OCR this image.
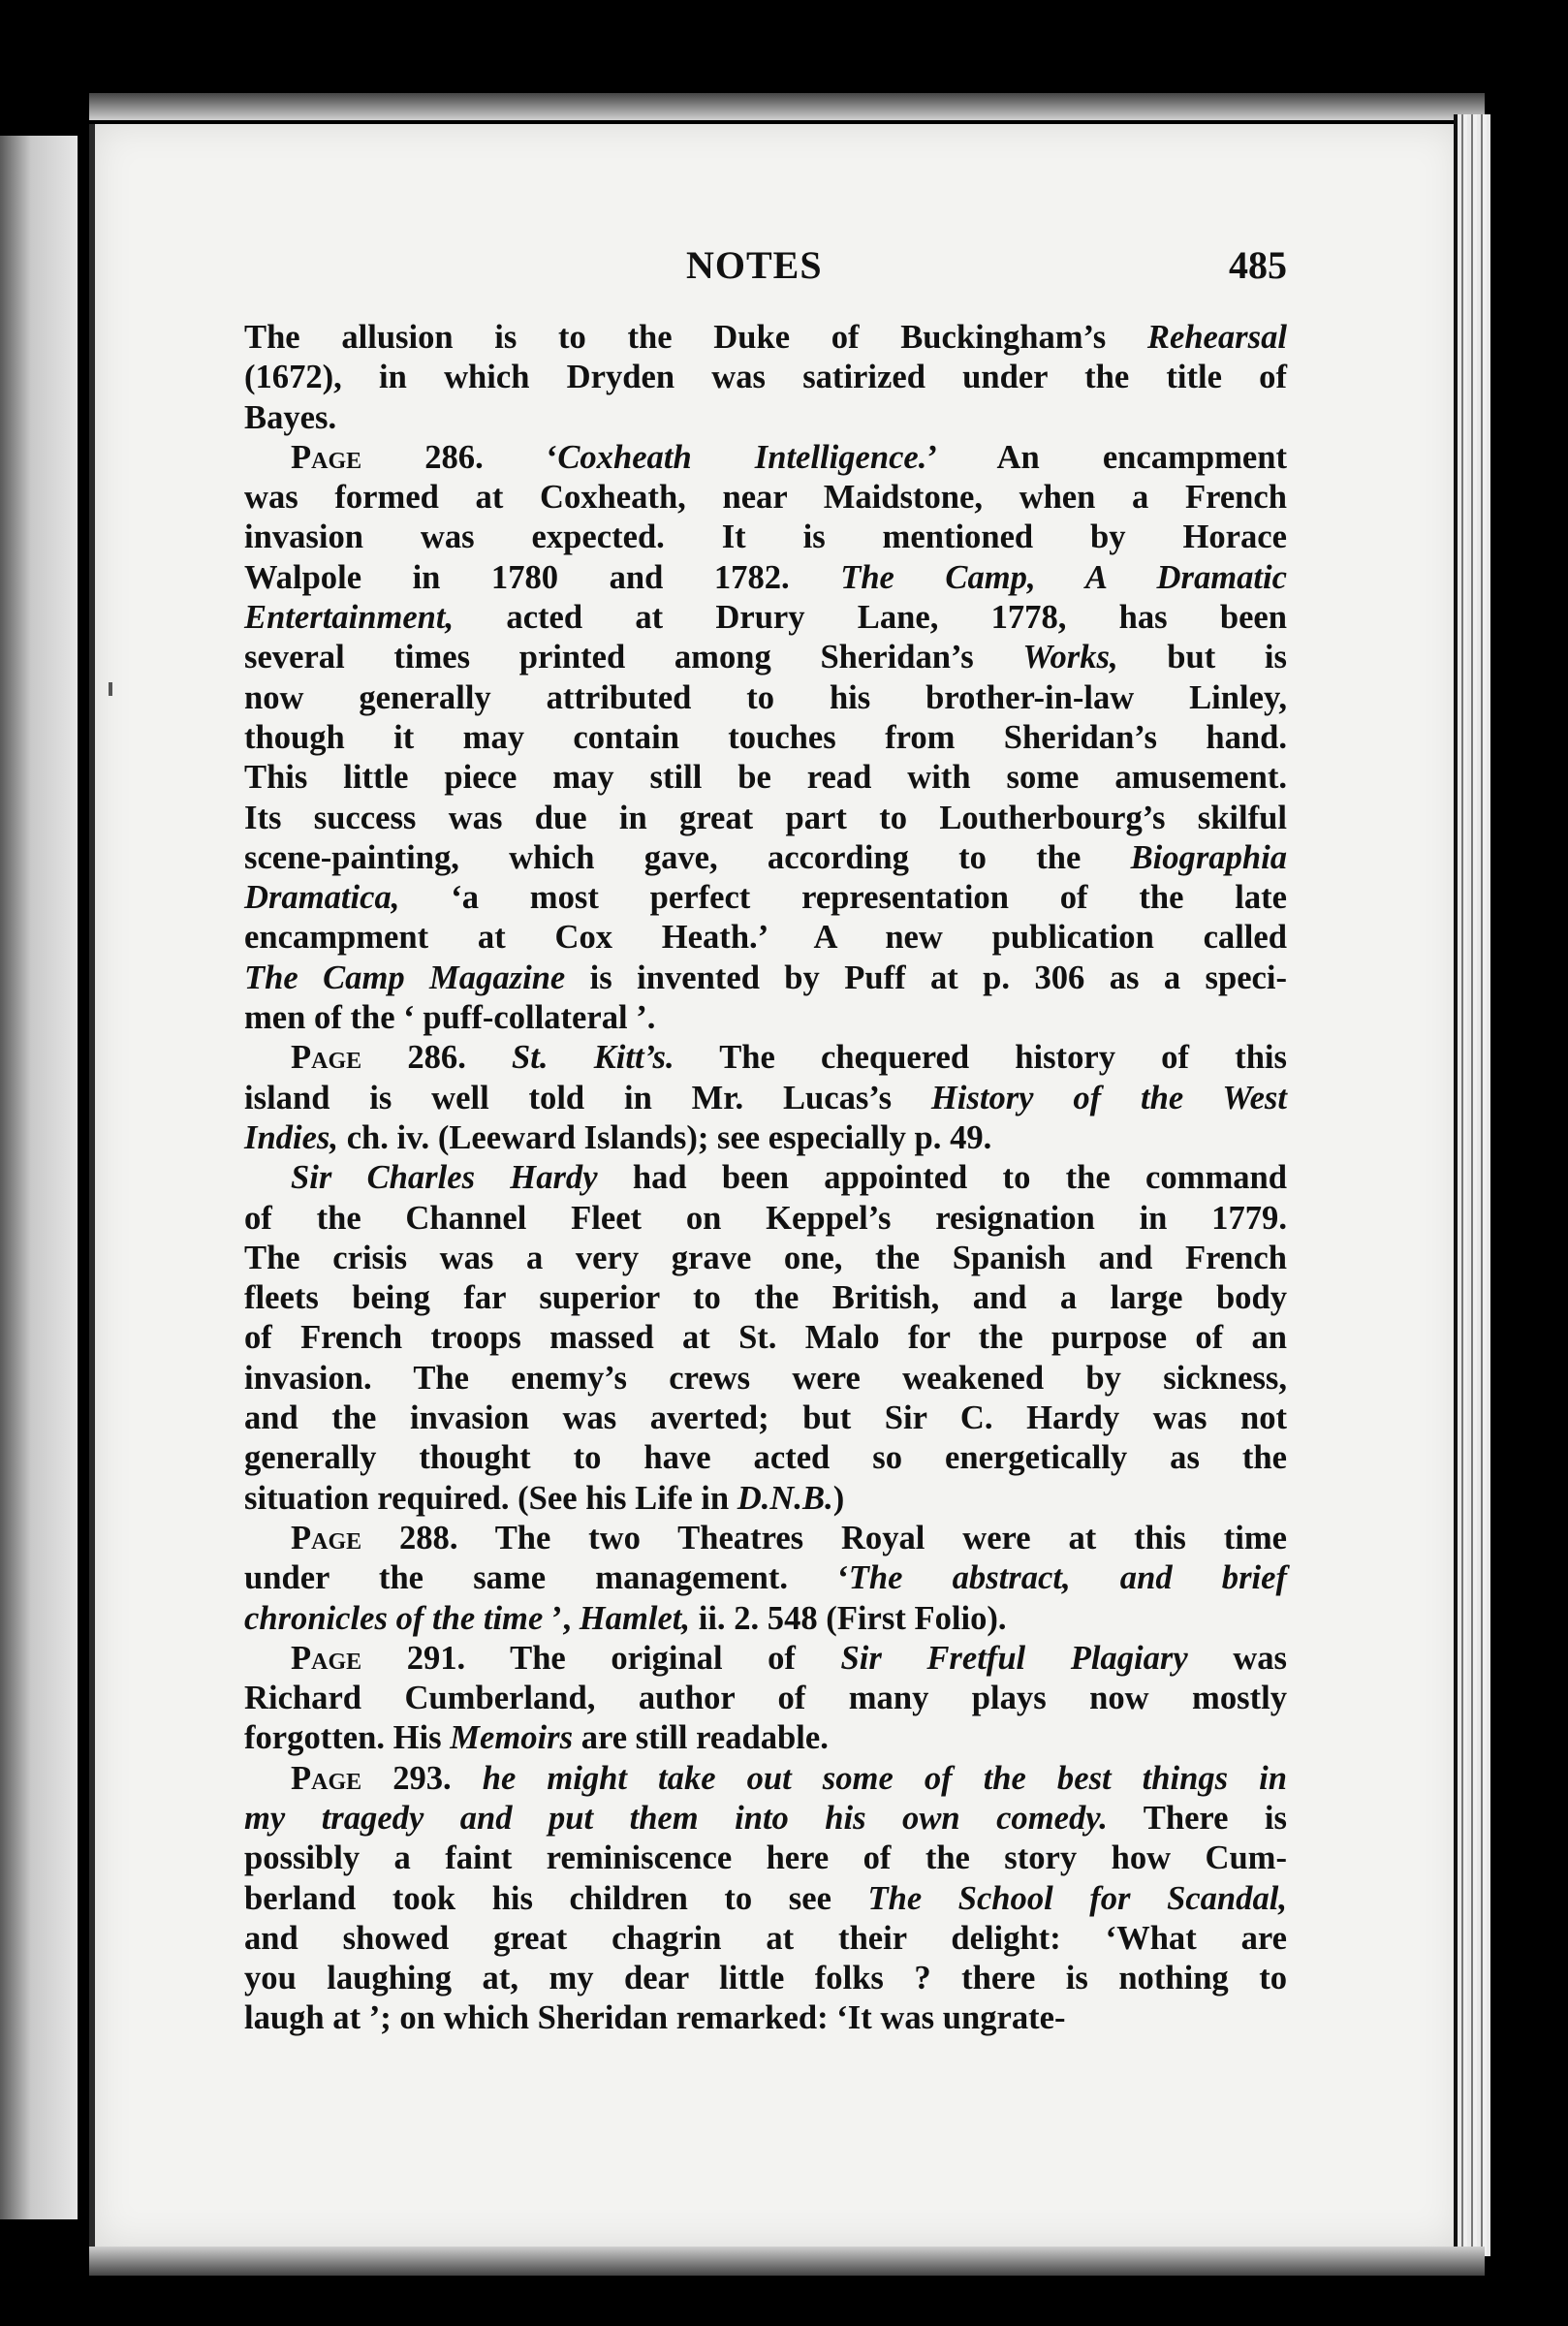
NOTES	485
The allusion is to the Duke of Buckingham’s Rehearsal
(1672), in which Dryden was satirized under the title of
Bayes.
Page 286. ‘Coxheath Intelligence.’ An encampment
was formed at Coxheath, near Maidstone, when a French
invasion was expected. It is mentioned by Horace
Walpole in 1780 and 1782. The Camp, A Dramatic
Entertainment, acted at Drury Lane, 1778, has been
several times printed among Sheridan’s Works, but is
now generally attributed to his brother-in-law Linley,
though it may contain touches from Sheridan’s hand.
This little piece may still be read with some amusement.
Its success was due in great part to Loutherbourg’s skilful
scene-painting, which gave, according to the Biographia
Dramatica, ‘a most perfect representation of the late
encampment at Cox Heath.’ A new publication called
The Camp Magazine is invented by Puff at p. 306 as a speci-
men of the ‘ puff-collateral ’.
Page 286. St. Kitt’s. The chequered history of this
island is well told in Mr. Lucas’s History of the West
Indies, ch. iv. (Leeward Islands); see especially p. 49.
Sir Charles Hardy had been appointed to the command
of the Channel Fleet on Keppel’s resignation in 1779.
The crisis was a very grave one, the Spanish and French
fleets being far superior to the British, and a large body
of French troops massed at St. Malo for the purpose of an
invasion. The enemy’s crews were weakened by sickness,
and the invasion was averted; but Sir C. Hardy was not
generally thought to have acted so energetically as the
situation required. (See his Life in D.N.B.)
Page 288. The two Theatres Royal were at this time
under the same management. ‘The abstract, and brief
chronicles of the time ’, Hamlet, ii. 2. 548 (First Folio).
Page 291. The original of Sir Fretful Plagiary was
Richard Cumberland, author of many plays now mostly
forgotten. His Memoirs are still readable.
Page 293. he might take out some of the best things in
my tragedy and put them into his own comedy. There is
possibly a faint reminiscence here of the story how Cum-
berland took his children to see The School for Scandal,
and showed great chagrin at their delight: ‘What are
you laughing at, my dear little folks ? there is nothing to
laugh at ’; on which Sheridan remarked: ‘It was ungrate-
